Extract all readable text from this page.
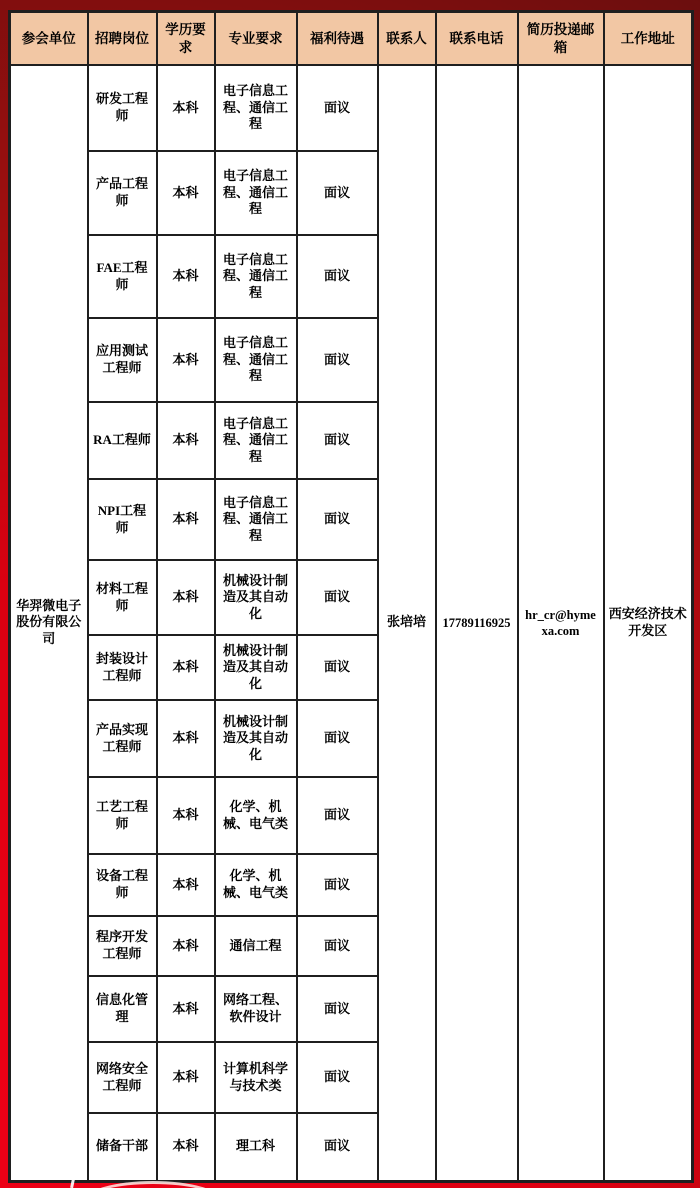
参会单位	招聘岗位	学历要求	专业要求	福利待遇	联系人	联系电话	简历投递邮箱	工作地址
华羿微电子股份有限公司	研发工程师	本科	电子信息工程、通信工程	面议	张培培	17789116925	hr_cr@hymexa.com	西安经济技术开发区
	产品工程师	本科	电子信息工程、通信工程	面议				
	FAE工程师	本科	电子信息工程、通信工程	面议				
	应用测试工程师	本科	电子信息工程、通信工程	面议				
	RA工程师	本科	电子信息工程、通信工程	面议				
	NPI工程师	本科	电子信息工程、通信工程	面议				
	材料工程师	本科	机械设计制造及其自动化	面议				
	封装设计工程师	本科	机械设计制造及其自动化	面议				
	产品实现工程师	本科	机械设计制造及其自动化	面议				
	工艺工程师	本科	化学、机械、电气类	面议				
	设备工程师	本科	化学、机械、电气类	面议				
	程序开发工程师	本科	通信工程	面议				
	信息化管理	本科	网络工程、软件设计	面议				
	网络安全工程师	本科	计算机科学与技术类	面议				
	储备干部	本科	理工科	面议				
